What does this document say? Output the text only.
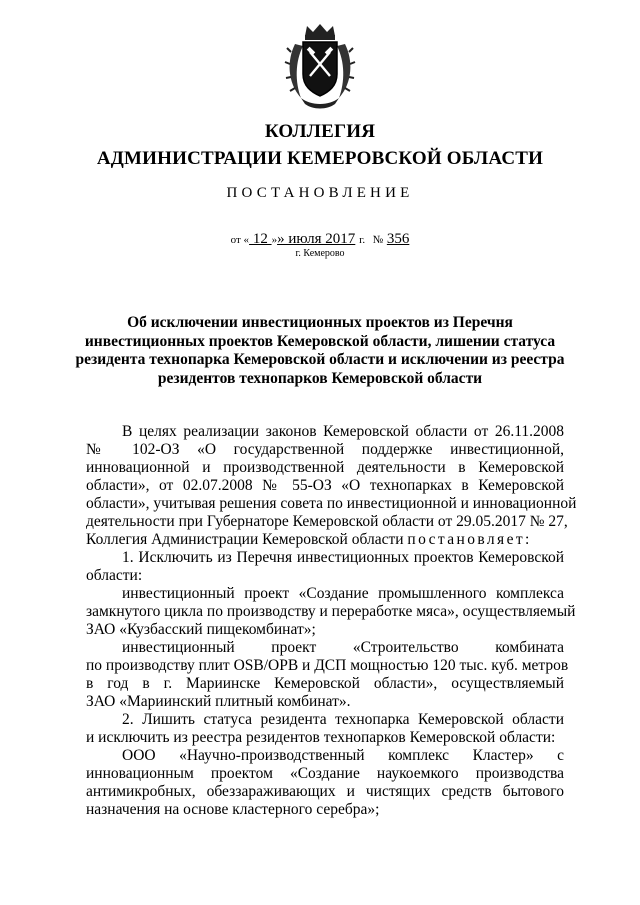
КОЛЛЕГИЯ
АДМИНИСТРАЦИИ КЕМЕРОВСКОЙ ОБЛАСТИ
ПОСТАНОВЛЕНИЕ
от « 12 »» июля 2017 г. № 356
г. Кемерово
Об исключении инвестиционных проектов из Перечня
инвестиционных проектов Кемеровской области, лишении статуса
резидента технопарка Кемеровской области и исключении из реестра
резидентов технопарков Кемеровской области
В целях реализации законов Кемеровской области от 26.11.2008
№ 102-ОЗ «О государственной поддержке инвестиционной,
инновационной и производственной деятельности в Кемеровской
области», от 02.07.2008 № 55-ОЗ «О технопарках в Кемеровской
области», учитывая решения совета по инвестиционной и инновационной
деятельности при Губернаторе Кемеровской области от 29.05.2017 № 27,
Коллегия Администрации Кемеровской области постановляет:
1. Исключить из Перечня инвестиционных проектов Кемеровской
области:
инвестиционный проект «Создание промышленного комплекса
замкнутого цикла по производству и переработке мяса», осуществляемый
ЗАО «Кузбасский пищекомбинат»;
инвестиционный проект «Строительство комбината
по производству плит OSB/OPB и ДСП мощностью 120 тыс. куб. метров
в год в г. Мариинске Кемеровской области», осуществляемый
ЗАО «Мариинский плитный комбинат».
2. Лишить статуса резидента технопарка Кемеровской области
и исключить из реестра резидентов технопарков Кемеровской области:
ООО «Научно-производственный комплекс Кластер» с
инновационным проектом «Создание наукоемкого производства
антимикробных, обеззараживающих и чистящих средств бытового
назначения на основе кластерного серебра»;
